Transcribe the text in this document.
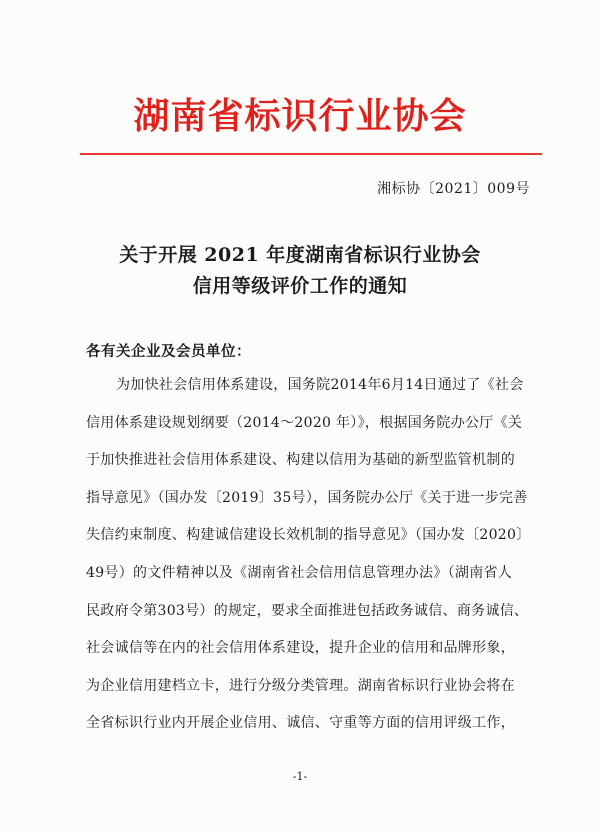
湖南省标识行业协会
湘标协〔2021〕009号
关于开展 2021 年度湖南省标识行业协会
信用等级评价工作的通知
各有关企业及会员单位：
为加快社会信用体系建设，国务院2014年6月14日通过了《社会
信用体系建设规划纲要（2014～2020 年）》，根据国务院办公厅《关
于加快推进社会信用体系建设、构建以信用为基础的新型监管机制的
指导意见》（国办发〔2019〕35号），国务院办公厅《关于进一步完善
失信约束制度、构建诚信建设长效机制的指导意见》（国办发〔2020〕
49号）的文件精神以及《湖南省社会信用信息管理办法》（湖南省人
民政府令第303号）的规定，要求全面推进包括政务诚信、商务诚信、
社会诚信等在内的社会信用体系建设，提升企业的信用和品牌形象，
为企业信用建档立卡，进行分级分类管理。湖南省标识行业协会将在
全省标识行业内开展企业信用、诚信、守重等方面的信用评级工作，
-1-
